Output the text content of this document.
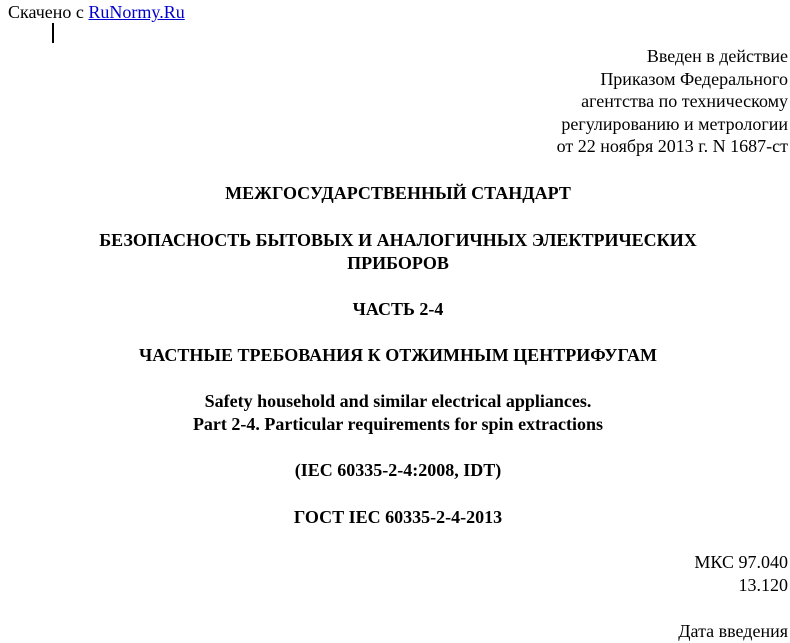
Скачено с RuNormy.Ru
Введен в действие
Приказом Федерального
агентства по техническому
регулированию и метрологии
от 22 ноября 2013 г. N 1687-ст
МЕЖГОСУДАРСТВЕННЫЙ СТАНДАРТ
БЕЗОПАСНОСТЬ БЫТОВЫХ И АНАЛОГИЧНЫХ ЭЛЕКТРИЧЕСКИХ
ПРИБОРОВ
ЧАСТЬ 2-4
ЧАСТНЫЕ ТРЕБОВАНИЯ К ОТЖИМНЫМ ЦЕНТРИФУГАМ
Safety household and similar electrical appliances.
Part 2-4. Particular requirements for spin extractions
(IEC 60335-2-4:2008, IDT)
ГОСТ IEC 60335-2-4-2013
МКС 97.040
13.120
Дата введения
